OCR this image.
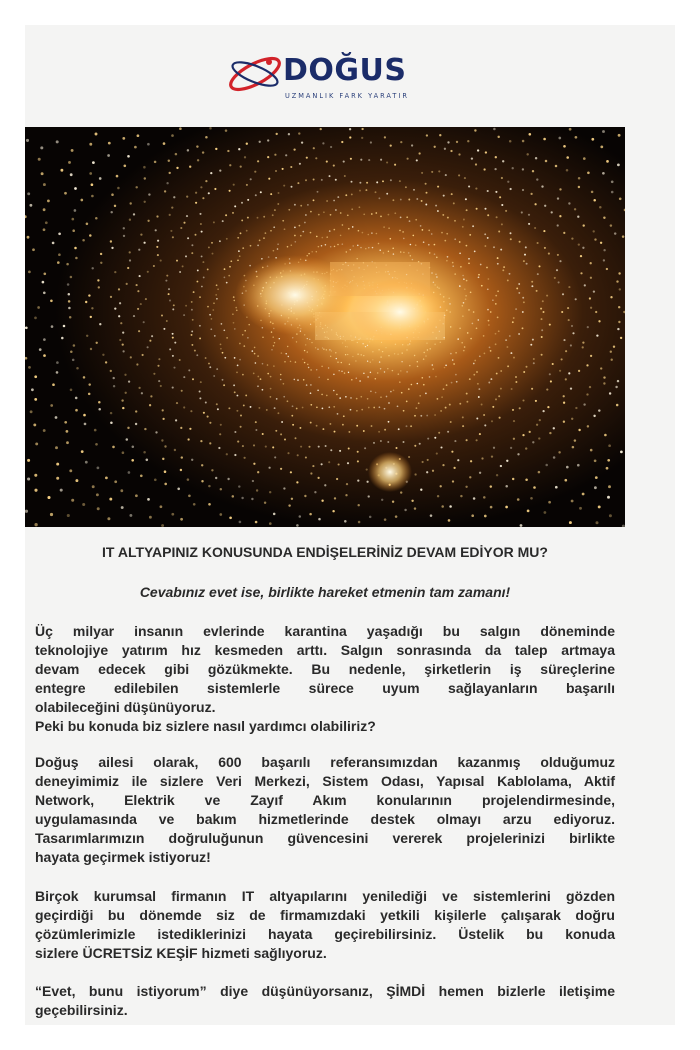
DOĞUS
UZMANLIK FARK YARATIR

IT ALTYAPINIZ KONUSUNDA ENDİŞELERİNİZ DEVAM EDİYOR MU?

Cevabınız evet ise, birlikte hareket etmenin tam zamanı!

Üç milyar insanın evlerinde karantina yaşadığı bu salgın döneminde
teknolojiye yatırım hız kesmeden arttı. Salgın sonrasında da talep artmaya
devam edecek gibi gözükmekte. Bu nedenle, şirketlerin iş süreçlerine
entegre edilebilen sistemlerle sürece uyum sağlayanların başarılı
olabileceğini düşünüyoruz.
Peki bu konuda biz sizlere nasıl yardımcı olabiliriz?
Doğuş ailesi olarak, 600 başarılı referansımızdan kazanmış olduğumuz
deneyimimiz ile sizlere Veri Merkezi, Sistem Odası, Yapısal Kablolama, Aktif
Network, Elektrik ve Zayıf Akım konularının projelendirmesinde,
uygulamasında ve bakım hizmetlerinde destek olmayı arzu ediyoruz.
Tasarımlarımızın doğruluğunun güvencesini vererek projelerinizi birlikte
hayata geçirmek istiyoruz!
Birçok kurumsal firmanın IT altyapılarını yenilediği ve sistemlerini gözden
geçirdiği bu dönemde siz de firmamızdaki yetkili kişilerle çalışarak doğru
çözümlerimizle istediklerinizi hayata geçirebilirsiniz. Üstelik bu konuda
sizlere ÜCRETSİZ KEŞİF hizmeti sağlıyoruz.
“Evet, bunu istiyorum” diye düşünüyorsanız, ŞİMDİ hemen bizlerle iletişime
geçebilirsiniz.
